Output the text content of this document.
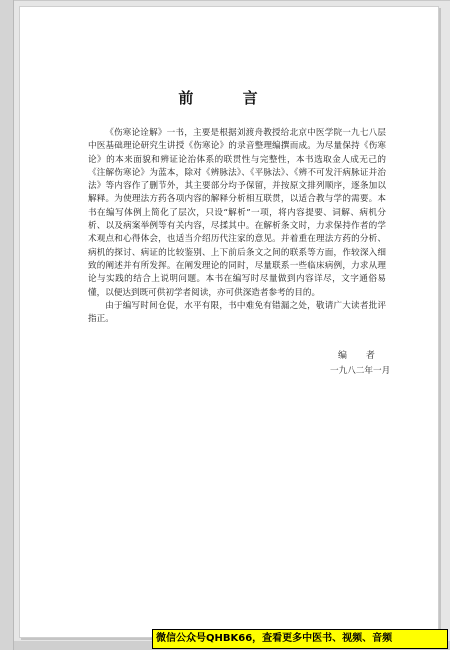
前 言

《伤寒论诠解》一书，主要是根据刘渡舟教授给北京中医学院一九七八层中医基础理论研究生讲授《伤寒论》的录音整理编撰而成。为尽量保持《伤寒论》的本来面貌和辨证论治体系的联贯性与完整性，本书选取金人成无己的《注解伤寒论》为蓝本，除对《辨脉法》、《平脉法》、《辨不可发汗病脉证并治法》等内容作了删节外，其主要部分均予保留，并按原文排列顺序，逐条加以解释。为使理法方药各项内容的解释分析相互联贯，以适合教与学的需要。本书在编写体例上简化了层次，只设“解析”一项，将内容提要、词解、病机分析、以及病案举例等有关内容，尽揉其中。在解析条文时，力求保持作者的学术观点和心得体会，也适当介绍历代注家的意见。并着重在理法方药的分析、病机的探讨、病证的比较鉴别、上下前后条文之间的联系等方面，作较深入细致的阐述并有所发挥。在阐发理论的同时，尽量联系一些临床病例，力求从理论与实践的结合上说明问题。本书在编写时尽量做到内容详尽，文字通俗易懂，以便达到既可供初学者阅读，亦可供深造者参考的目的。

由于编写时间仓促，水平有限，书中难免有错漏之处，敬请广大读者批评指正。

编 者
一九八二年一月
微信公众号QHBK66，查看更多中医书、视频、音频
